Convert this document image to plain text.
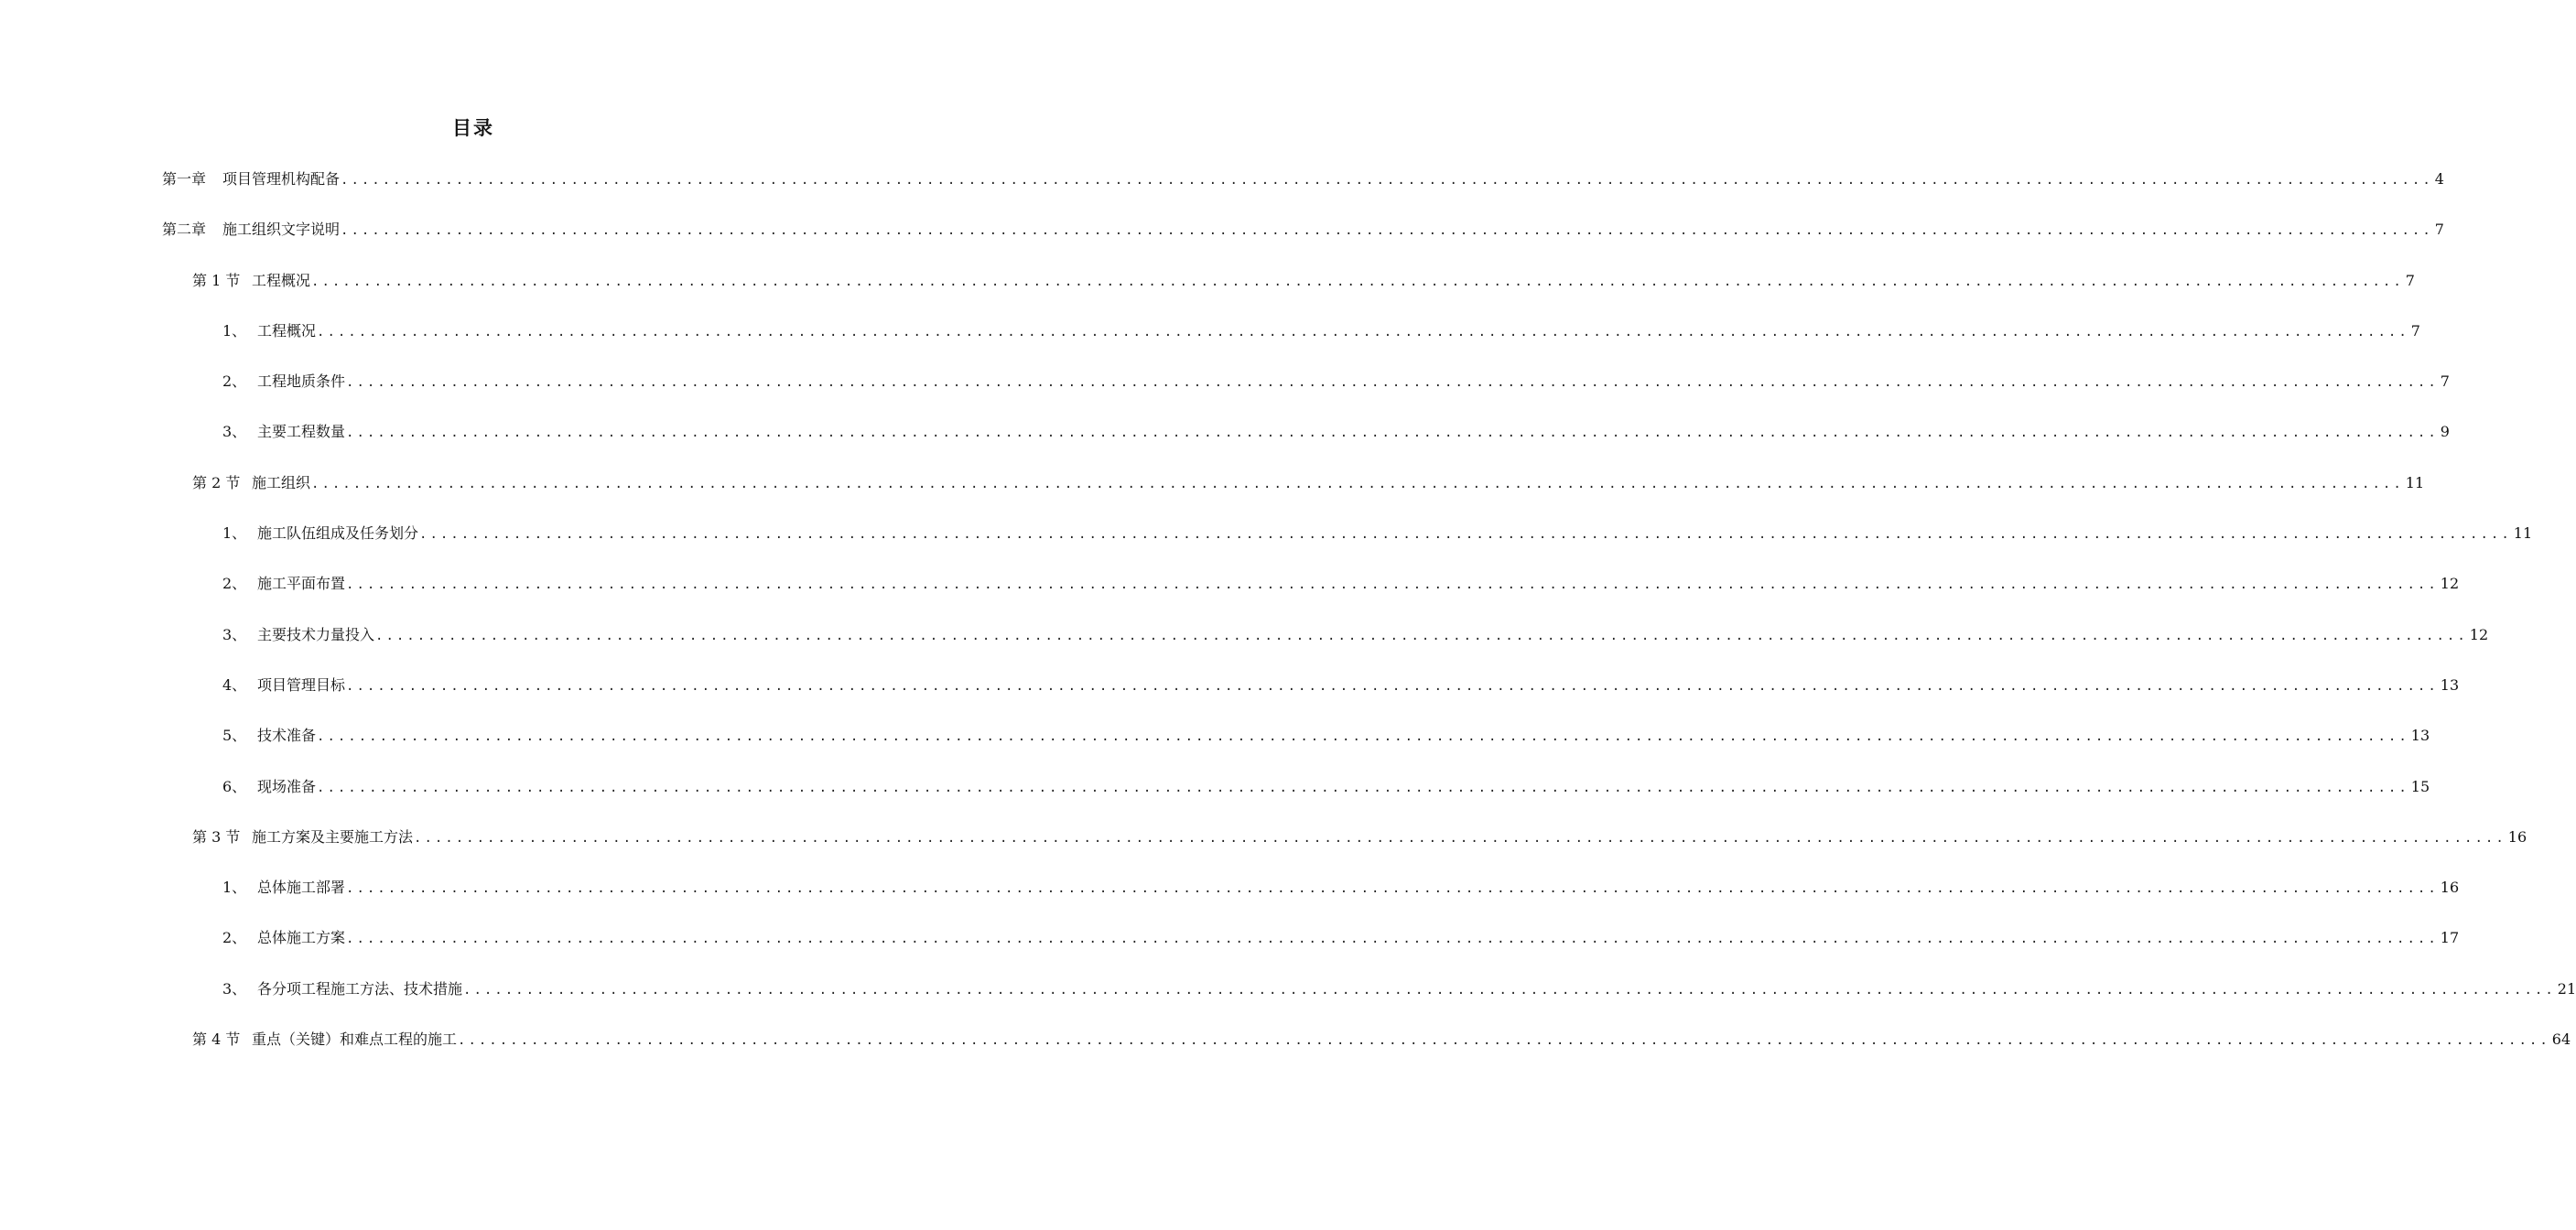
目录
第一章	项目管理机构配备 ........................................................................................................................................................................................................ 4
第二章	施工组织文字说明 ........................................................................................................................................................................................................ 7
第 1 节 工程概况 ........................................................................................................................................................................................................ 7
1、 工程概况 ........................................................................................................................................................................................................ 7
2、 工程地质条件 ........................................................................................................................................................................................................ 7
3、 主要工程数量 ........................................................................................................................................................................................................ 9
第 2 节 施工组织 ........................................................................................................................................................................................................ 11
1、 施工队伍组成及任务划分 ........................................................................................................................................................................................................ 11
2、 施工平面布置 ........................................................................................................................................................................................................ 12
3、 主要技术力量投入 ........................................................................................................................................................................................................ 12
4、 项目管理目标 ........................................................................................................................................................................................................ 13
5、 技术准备 ........................................................................................................................................................................................................ 13
6、 现场准备 ........................................................................................................................................................................................................ 15
第 3 节 施工方案及主要施工方法 ........................................................................................................................................................................................................ 16
1、 总体施工部署 ........................................................................................................................................................................................................ 16
2、 总体施工方案 ........................................................................................................................................................................................................ 17
3、 各分项工程施工方法、技术措施 ........................................................................................................................................................................................................ 21
第 4 节 重点（关键）和难点工程的施工 ........................................................................................................................................................................................................ 64
